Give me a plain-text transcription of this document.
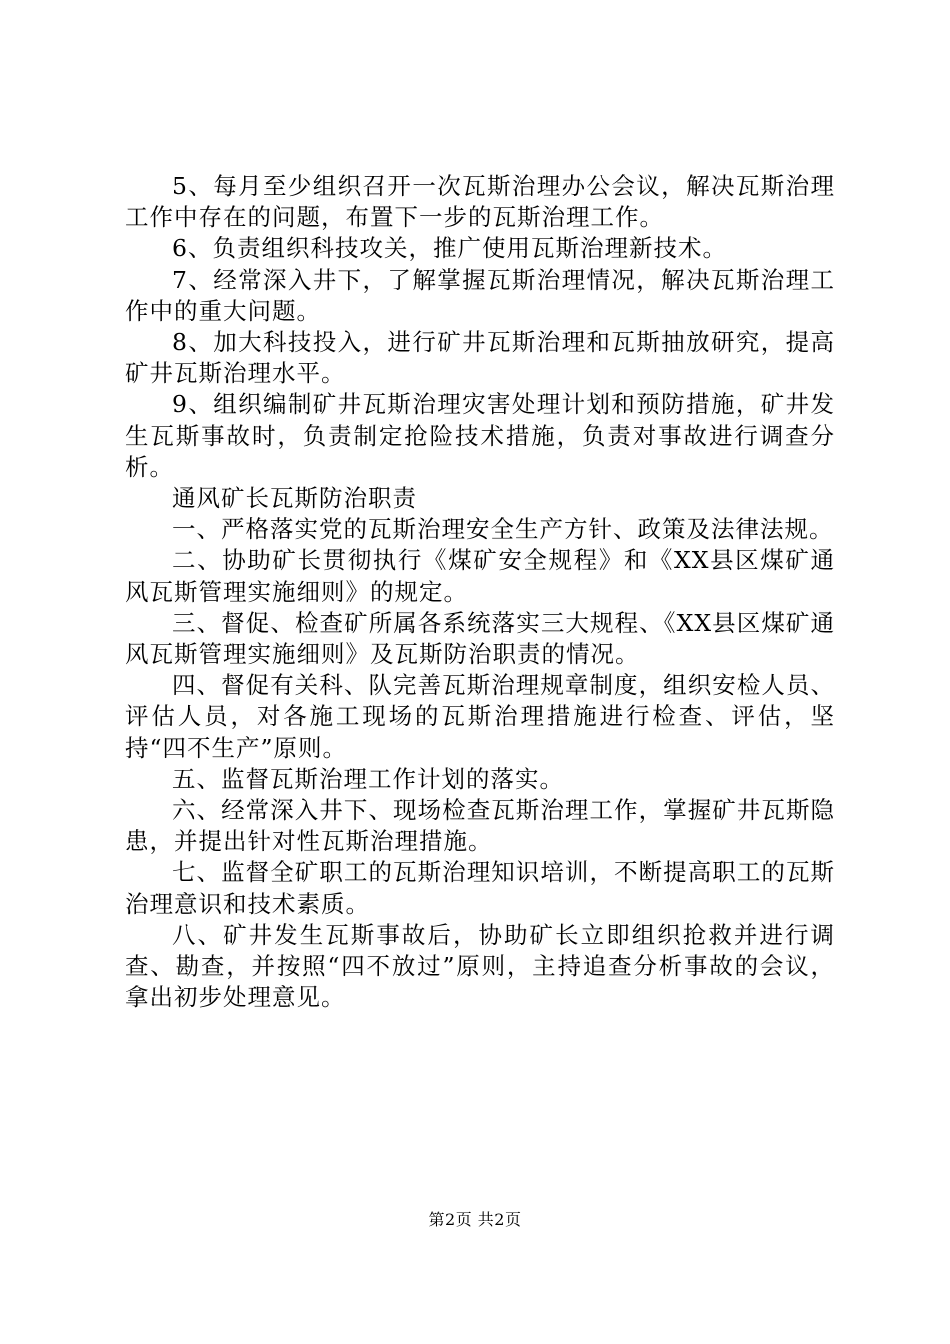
5、每月至少组织召开一次瓦斯治理办公会议，解决瓦斯治理工作中存在的问题，布置下一步的瓦斯治理工作。

6、负责组织科技攻关，推广使用瓦斯治理新技术。

7、经常深入井下，了解掌握瓦斯治理情况，解决瓦斯治理工作中的重大问题。

8、加大科技投入，进行矿井瓦斯治理和瓦斯抽放研究，提高矿井瓦斯治理水平。

9、组织编制矿井瓦斯治理灾害处理计划和预防措施，矿井发生瓦斯事故时，负责制定抢险技术措施，负责对事故进行调查分析。

通风矿长瓦斯防治职责

一、严格落实党的瓦斯治理安全生产方针、政策及法律法规。

二、协助矿长贯彻执行《煤矿安全规程》和《XX县区煤矿通风瓦斯管理实施细则》的规定。

三、督促、检查矿所属各系统落实三大规程、《XX县区煤矿通风瓦斯管理实施细则》及瓦斯防治职责的情况。

四、督促有关科、队完善瓦斯治理规章制度，组织安检人员、评估人员，对各施工现场的瓦斯治理措施进行检查、评估，坚持“四不生产”原则。

五、监督瓦斯治理工作计划的落实。

六、经常深入井下、现场检查瓦斯治理工作，掌握矿井瓦斯隐患，并提出针对性瓦斯治理措施。

七、监督全矿职工的瓦斯治理知识培训，不断提高职工的瓦斯治理意识和技术素质。

八、矿井发生瓦斯事故后，协助矿长立即组织抢救并进行调查、勘查，并按照“四不放过”原则，主持追查分析事故的会议，拿出初步处理意见。

第2页 共2页
